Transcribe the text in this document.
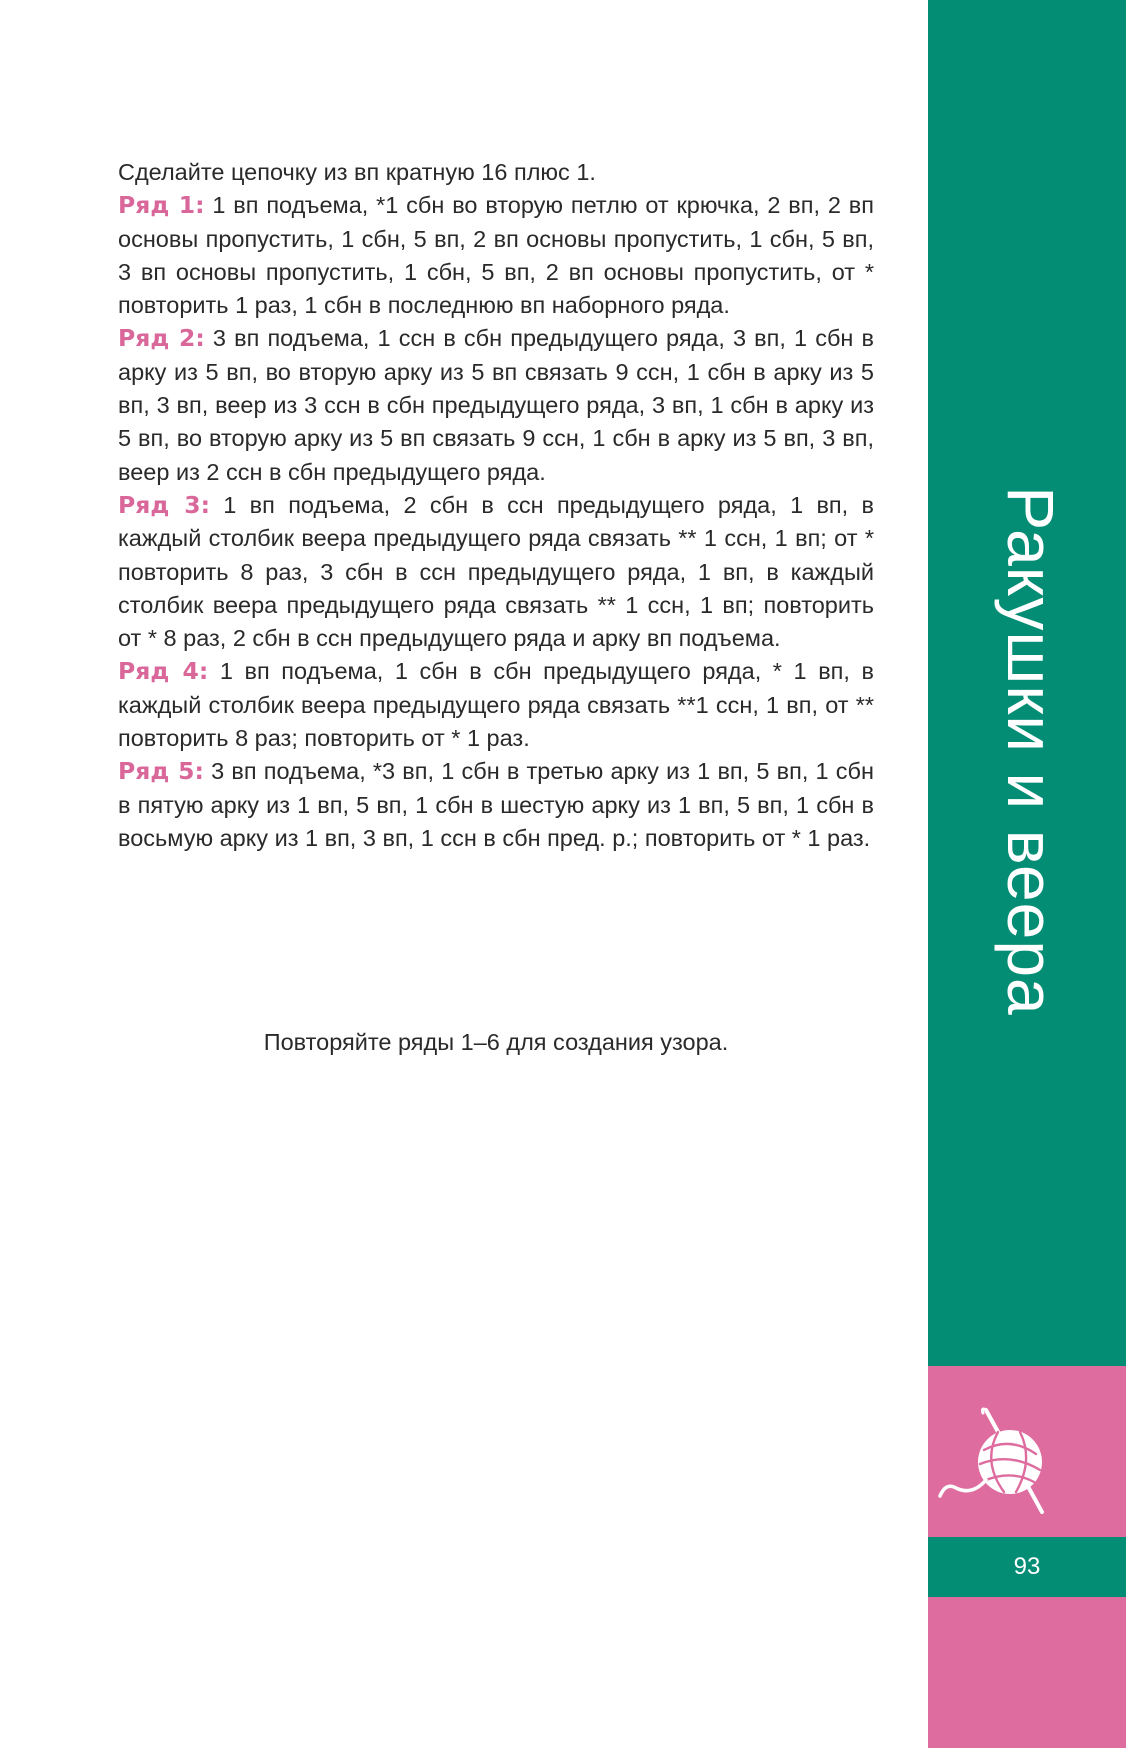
Сделайте цепочку из вп кратную 16 плюс 1.

Ряд 1: 1 вп подъема, *1 сбн во вторую петлю от крючка, 2 вп, 2 вп основы пропустить, 1 сбн, 5 вп, 2 вп основы пропустить, 1 сбн, 5 вп, 3 вп основы пропустить, 1 сбн, 5 вп, 2 вп основы пропустить, от * повторить 1 раз, 1 сбн в последнюю вп наборного ряда.

Ряд 2: 3 вп подъема, 1 ссн в сбн предыдущего ряда, 3 вп, 1 сбн в арку из 5 вп, во вторую арку из 5 вп связать 9 ссн, 1 сбн в арку из 5 вп, 3 вп, веер из 3 ссн в сбн предыдущего ряда, 3 вп, 1 сбн в арку из 5 вп, во вторую арку из 5 вп связать 9 ссн, 1 сбн в арку из 5 вп, 3 вп, веер из 2 ссн в сбн предыдущего ряда.

Ряд 3: 1 вп подъема, 2 сбн в ссн предыдущего ряда, 1 вп, в каждый столбик веера предыдущего ряда связать ** 1 ссн, 1 вп; от * повторить 8 раз, 3 сбн в ссн предыдущего ряда, 1 вп, в каждый столбик веера предыдущего ряда связать ** 1 ссн, 1 вп; повторить от * 8 раз, 2 сбн в ссн предыдущего ряда и арку вп подъема.

Ряд 4: 1 вп подъема, 1 сбн в сбн предыдущего ряда, * 1 вп, в каждый столбик веера предыдущего ряда связать **1 ссн, 1 вп, от ** повторить 8 раз; повторить от * 1 раз.

Ряд 5: 3 вп подъема, *3 вп, 1 сбн в третью арку из 1 вп, 5 вп, 1 сбн в пятую арку из 1 вп, 5 вп, 1 сбн в шестую арку из 1 вп, 5 вп, 1 сбн в восьмую арку из 1 вп, 3 вп, 1 ссн в сбн пред. р.; повторить от * 1 раз.

Повторяйте ряды 1–6 для создания узора.
Ракушки и веера
93
